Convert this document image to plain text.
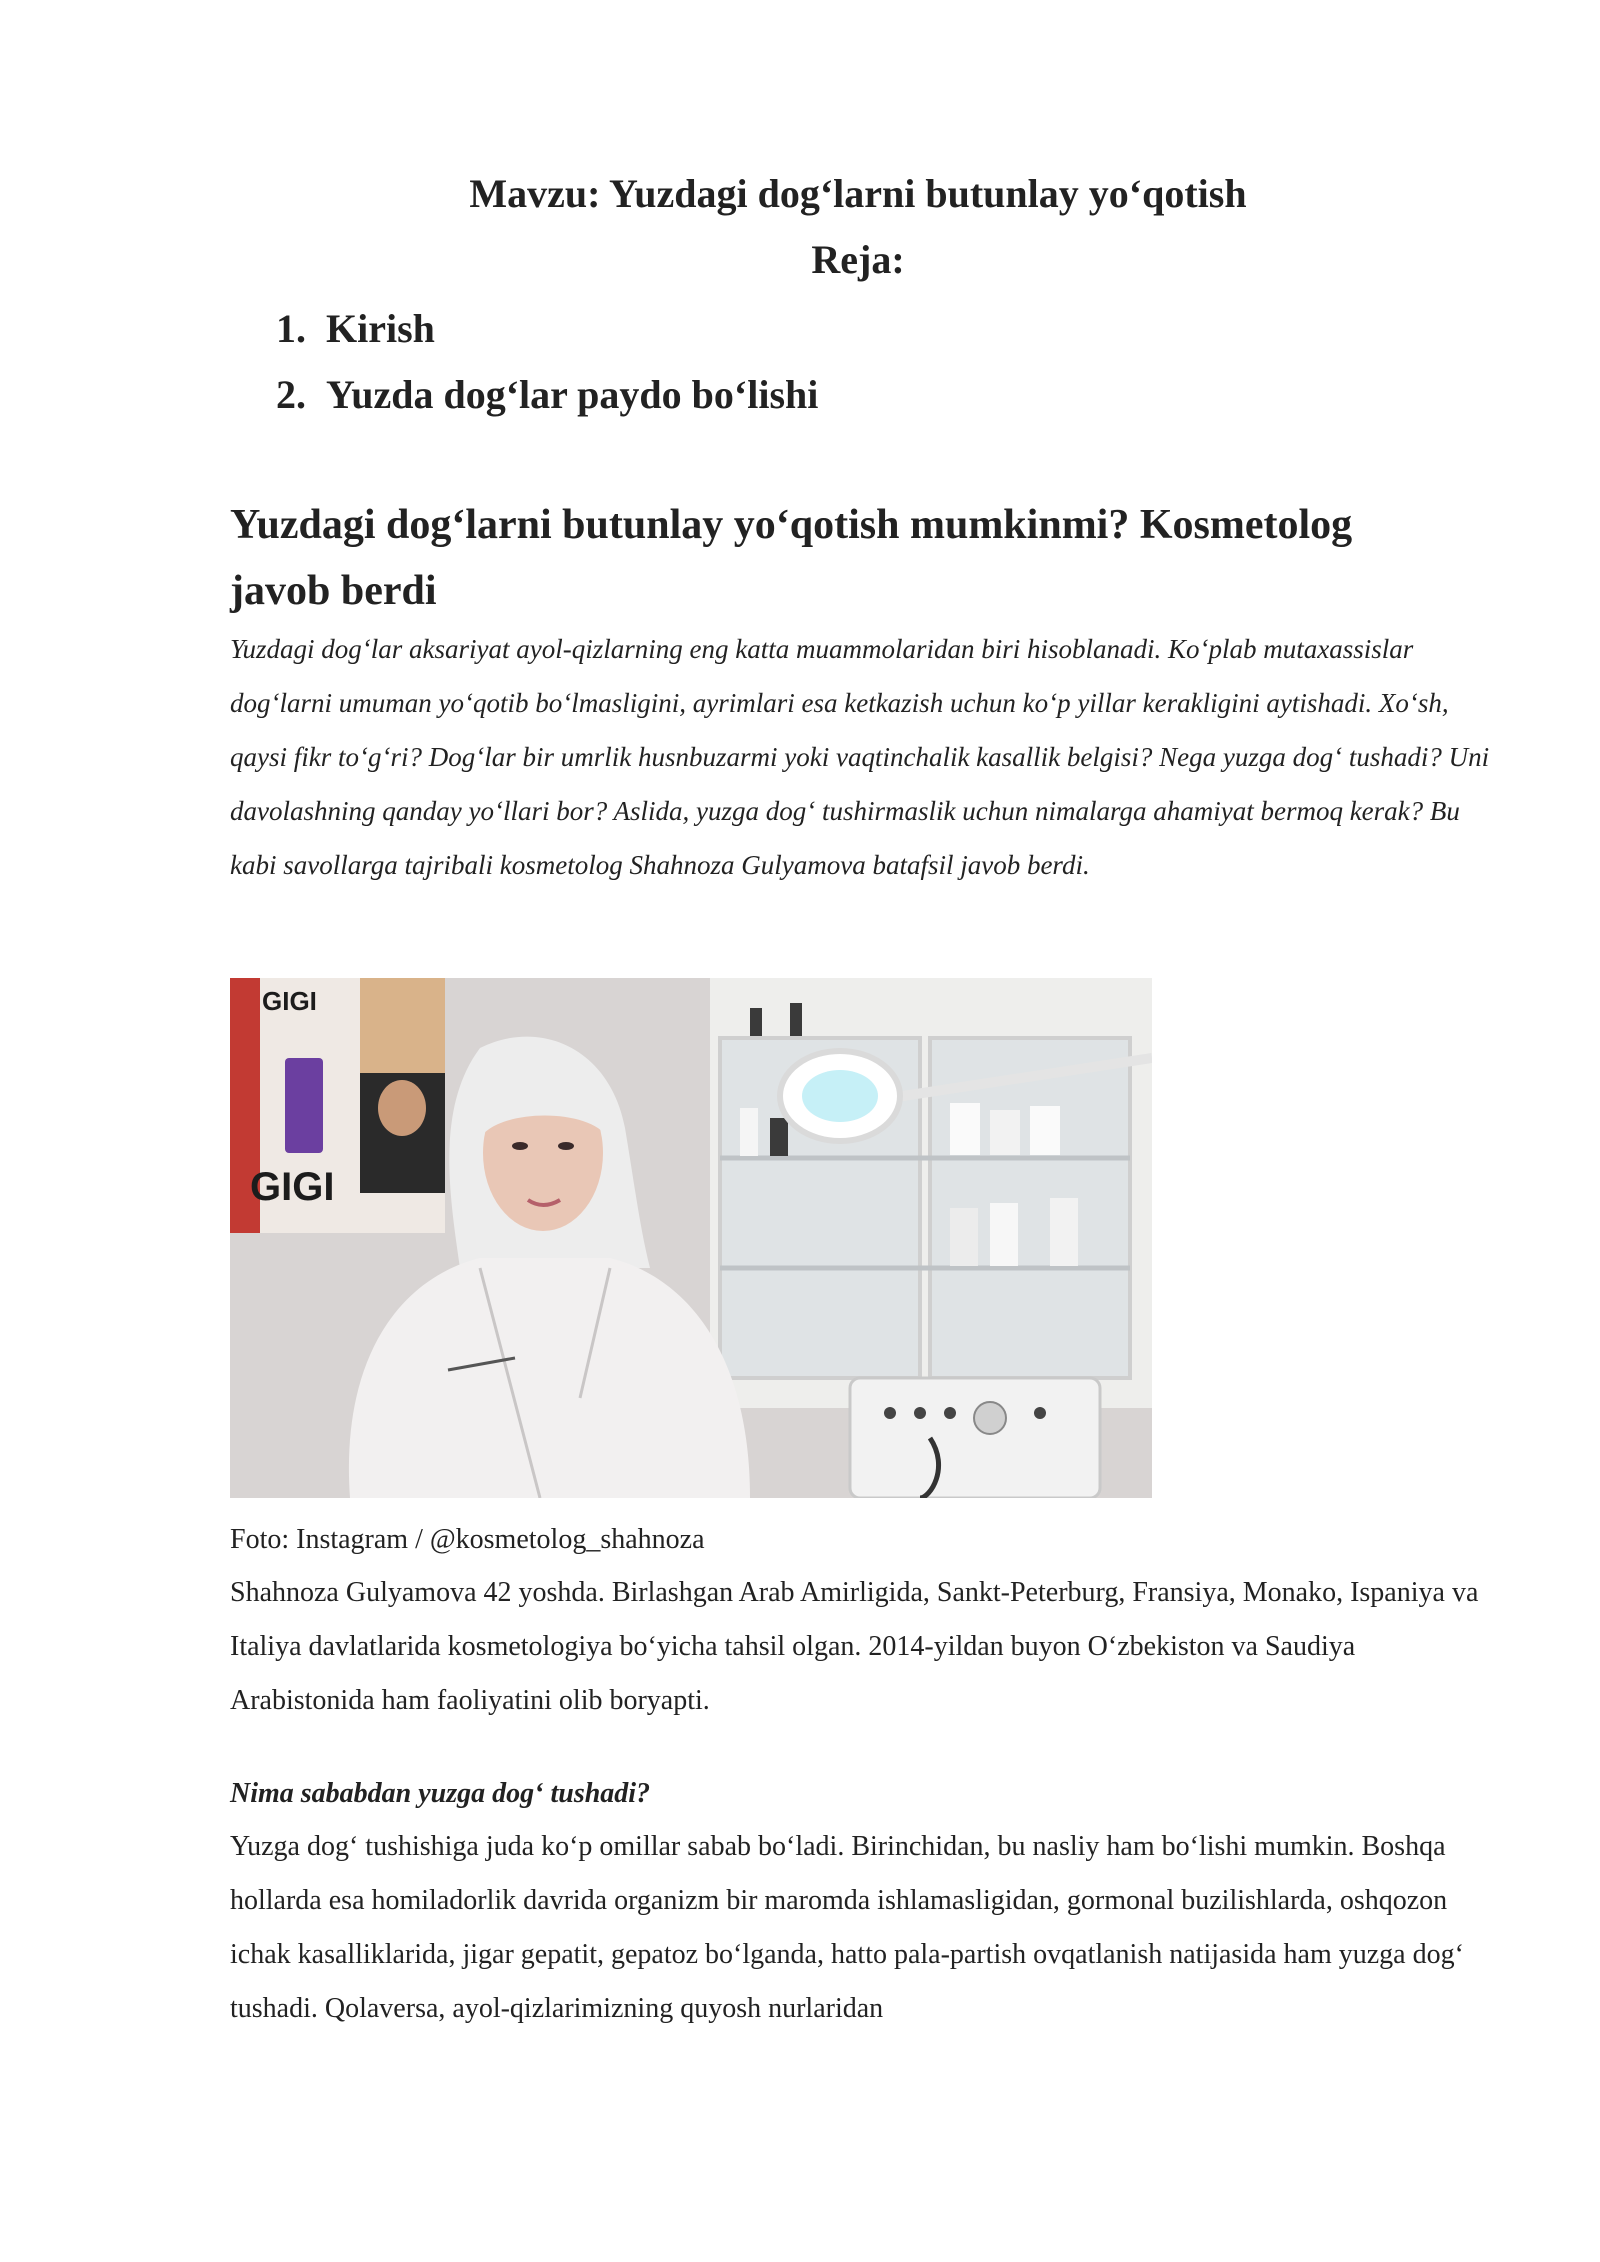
Mavzu: Yuzdagi dog‘larni butunlay yo‘qotish
Reja:
1. Kirish
2. Yuzda dog‘lar paydo bo‘lishi
Yuzdagi dog‘larni butunlay yo‘qotish mumkinmi? Kosmetolog javob berdi

Yuzdagi dog‘lar aksariyat ayol-qizlarning eng katta muammolaridan biri hisoblanadi. Ko‘plab mutaxassislar dog‘larni umuman yo‘qotib bo‘lmasligini, ayrimlari esa ketkazish uchun ko‘p yillar kerakligini aytishadi. Xo‘sh, qaysi fikr to‘g‘ri? Dog‘lar bir umrlik husnbuzarmi yoki vaqtinchalik kasallik belgisi? Nega yuzga dog‘ tushadi? Uni davolashning qanday yo‘llari bor? Aslida, yuzga dog‘ tushirmaslik uchun nimalarga ahamiyat bermoq kerak? Bu kabi savollarga tajribali kosmetolog Shahnoza Gulyamova batafsil javob berdi.

GIGI
GIGI

Foto: Instagram / @kosmetolog_shahnoza

Shahnoza Gulyamova 42 yoshda. Birlashgan Arab Amirligida, Sankt-Peterburg, Fransiya, Monako, Ispaniya va Italiya davlatlarida kosmetologiya bo‘yicha tahsil olgan. 2014-yildan buyon O‘zbekiston va Saudiya Arabistonida ham faoliyatini olib boryapti.

Nima sababdan yuzga dog‘ tushadi?

Yuzga dog‘ tushishiga juda ko‘p omillar sabab bo‘ladi. Birinchidan, bu nasliy ham bo‘lishi mumkin. Boshqa hollarda esa homiladorlik davrida organizm bir maromda ishlamasligidan, gormonal buzilishlarda, oshqozon ichak kasalliklarida, jigar gepatit, gepatoz bo‘lganda, hatto pala-partish ovqatlanish natijasida ham yuzga dog‘ tushadi. Qolaversa, ayol-qizlarimizning quyosh nurlaridan
